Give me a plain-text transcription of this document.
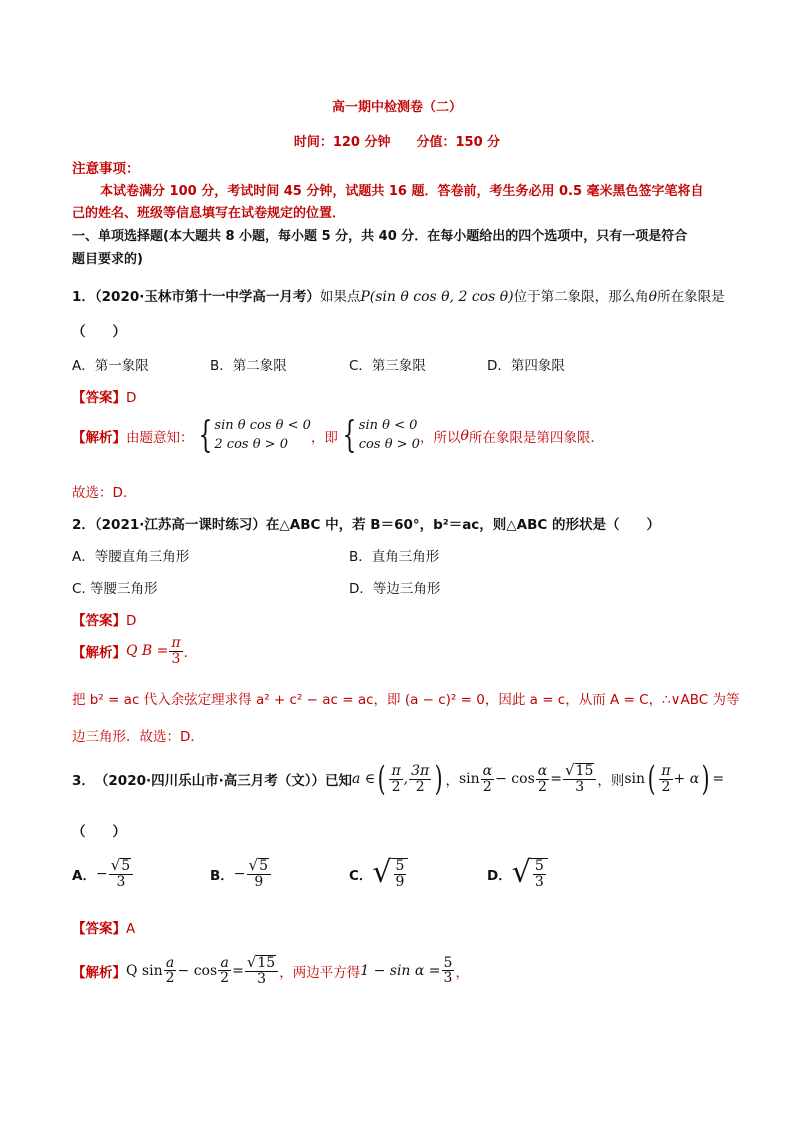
高一期中检测卷（二）
时间：120 分钟　　分值：150 分
注意事项：
本试卷满分 100 分，考试时间 45 分钟，试题共 16 题．答卷前，考生务必用 0.5 毫米黑色签字笔将自
己的姓名、班级等信息填写在试卷规定的位置．
一、单项选择题(本大题共 8 小题，每小题 5 分，共 40 分．在每小题给出的四个选项中，只有一项是符合
题目要求的)
1．（2020·玉林市第十一中学高一月考）如果点P(sin θ cos θ, 2 cos θ)位于第二象限，那么角θ所在象限是
（　　）
A．第一象限	B．第二象限	C．第三象限	D．第四象限
【答案】D
【解析】 由题意知： { sin θ cos θ < 0
2 cos θ > 0	，即 { sin θ < 0
cos θ > 0 ，所以 θ 所在象限是第四象限.
故选：D.
2．（2021·江苏高一课时练习）在△ABC 中，若 B＝60°，b²＝ac，则△ABC 的形状是（　　）
A．等腰直角三角形	B．直角三角形
C. 等腰三角形	D．等边三角形
【答案】D
【解析】 Q $B = \frac{\pi}{3}$ ．
把 b² = ac 代入余弦定理求得 a² + c² − ac = ac，即 (a − c)² = 0，因此 a = c，从而 A = C，∴∨ABC 为等
边三角形．故选：D．
3． （2020·四川乐山市·高三月考（文）） 已知 a ∈ ( $\frac{\pi}{2}$ , $\frac{3\pi}{2}$ ) ， $\sin \frac{\alpha}{2} - \cos \frac{\alpha}{2} = \frac{√ 15}{3}$ ，则 sin ( $\frac{\pi}{2} + \alpha$ ) =
（　　）
A． − $\frac{√ 5}{3}$	B． − $\frac{√ 5}{9}$	C． √ $\frac{5}{9}$	D． √ $\frac{5}{3}$
【答案】A
【解析】 Q $\sin \frac{a}{2} - \cos \frac{a}{2} = \frac{√ 15}{3}$ ，两边平方得 $1 - \sin \alpha = \frac{5}{3}$ ，
